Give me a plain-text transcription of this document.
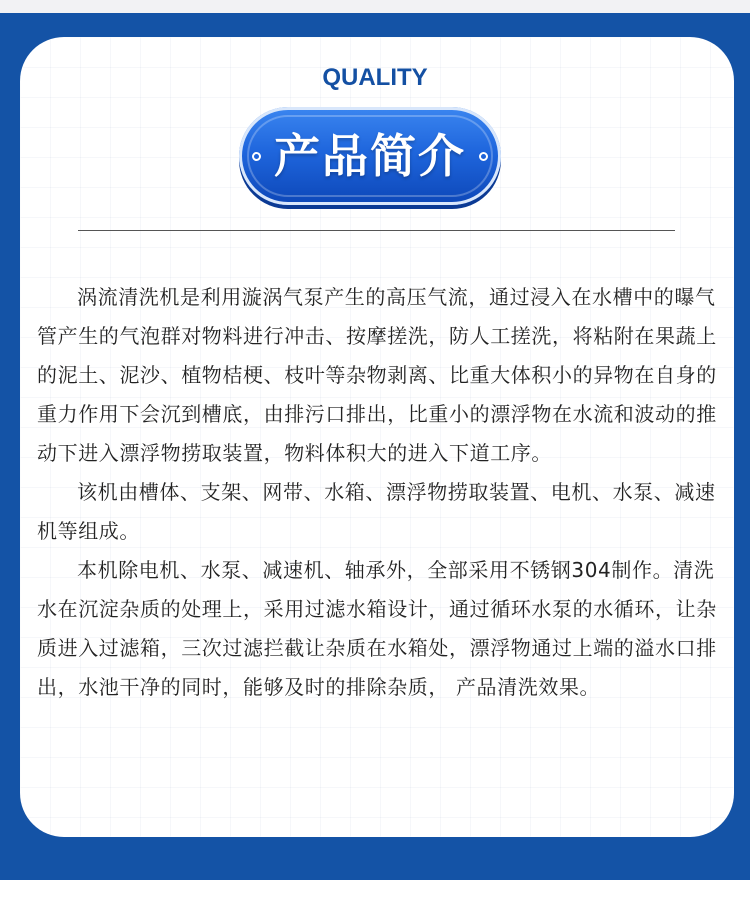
QUALITY
产品简介

涡流清洗机是利用漩涡气泵产生的高压气流，通过浸入在水槽中的曝气管产生的气泡群对物料进行冲击、按摩搓洗，防人工搓洗，将粘附在果蔬上的泥土、泥沙、植物桔梗、枝叶等杂物剥离、比重大体积小的异物在自身的重力作用下会沉到槽底，由排污口排出，比重小的漂浮物在水流和波动的推动下进入漂浮物捞取装置，物料体积大的进入下道工序。

该机由槽体、支架、网带、水箱、漂浮物捞取装置、电机、水泵、减速机等组成。

本机除电机、水泵、减速机、轴承外，全部采用不锈钢304制作。清洗水在沉淀杂质的处理上，采用过滤水箱设计，通过循环水泵的水循环，让杂质进入过滤箱，三次过滤拦截让杂质在水箱处，漂浮物通过上端的溢水口排出，水池干净的同时，能够及时的排除杂质， 产品清洗效果。
